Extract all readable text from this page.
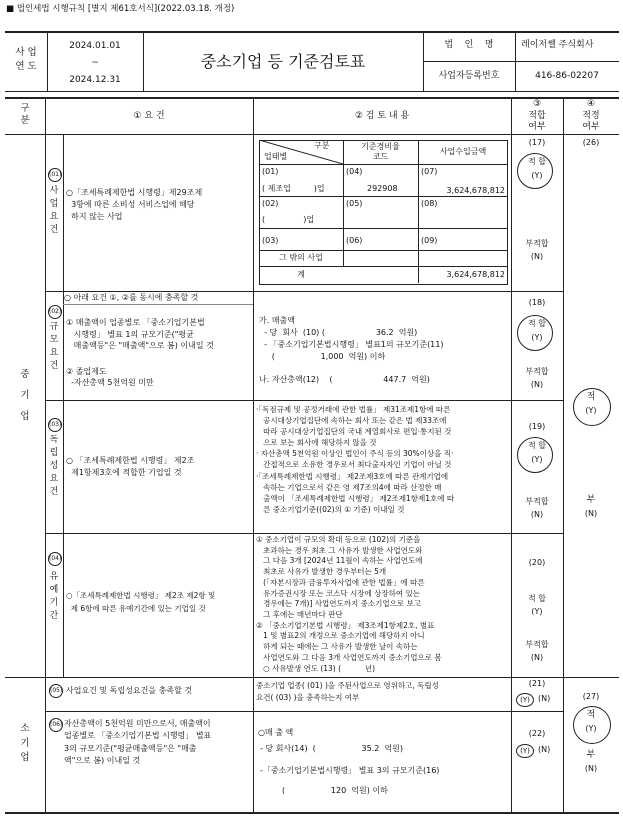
■ 법인세법 시행규칙 [별지 제61호서식](2022.03.18. 개정)
사 업
연 도
2024.01.01
~
2024.12.31
중소기업 등 기준검토표
법    인    명	레이저쎌 주식회사
사업자등록번호	416-86-02207
구
분	① 요 건	② 검 토 내 용
③
적합
여부
④
적정
여부
중

기

업
소
기
업
(01)
사
업
요
건
○「조세특례제한법 시행령」제29조제
3항에 따른 소비성 서비스업에 해당
하지 않는 사업
구분
업태별
기준경비율
코드
사업수입금액
(01)	(04)	(07)
( 제조업         )업	292908	3,624,678,812
(02)	(05)	(08)
(               )업
(03)	(06)	(09)
그 밖의 사업
계	3,624,678,812
(17)
적 합
(Y)
부적합
(N)
(26)
(02)
규
모
요
건
○ 아래 요건 ①, ②를 동시에 충족할 것
① 매출액이 업종별로 「중소기업기본법
시행령」 별표 1의 규모기준("평균
매출액등"은 "매출액"으로 봄) 이내일 것
② 졸업제도
-자산총액 5천억원 미만
가. 매출액
- 당  회사  (10) (                    36.2  억원)
- 「중소기업기본법시행령」 별표1의 규모기준(11)
(                  1,000  억원) 이하
나. 자산총액(12)    (                    447.7  억원)
(18)
적 합
(Y)
부적합
(N)
(03)
독
립
성
요
건
○ 「조세특례제한법 시행령」 제2조
제1항제3호에 적합한 기업일 것
·「독점규제 및 공정거래에 관한 법률」 제31조제1항에 따른
공시대상기업집단에 속하는 회사 또는 같은 법 제33조에
따라 공시대상기업집단의 국내 계열회사로 편입·통지된 것
으로 보는 회사에 해당하지 않을 것
· 자산총액 5천억원 이상인 법인이 주식 등의 30%이상을 직·
간접적으로 소유한 경우로서 최다출자자인 기업이 아닐 것
·「조세특례제한법 시행령」 제2조제3호에 따른 관계기업에
속하는 기업으로서 같은 영 제7조의4에 따라 산정한 매
출액이 「조세특례제한법 시행령」 제2조제1항제1호에 따
른 중소기업기준((02)의 ① 기준) 이내일 것
(19)
적 합
(Y)
부적합
(N)
적
(Y)
부
(N)
(04)
유
예
기
간
○「조세특례제한법 시행령」 제2조 제2항 및
제 6항에 따른 유예기간에 있는 기업일 것
① 중소기업이 규모의 확대 등으로 (102)의 기준을
초과하는 경우 최초 그 사유가 발생한 사업연도와
그 다음 3개 [2024년 11월이 속하는 사업연도에
최초로 사유가 발생한 경우부터는 5개
(「자본시장과 금융투자사업에 관한 법률」에 따른
유가증권시장 또는 코스닥 시장에 상장하여 있는
경우에는 7개)] 사업연도까지 중소기업으로 보고
그 후에는 매년마다 판단
② 「중소기업기본법 시행령」 제3조제1항제2호, 별표
1 및 별표2의 개정으로 중소기업에 해당하지 아니
하게 되는 때에는 그 사유가 발생한 날이 속하는
사업연도와 그 다음 3개 사업연도까지 중소기업으로 봄
○ 사유발생 연도 (13) (          년)
(20)
적 합
(Y)
부적합
(N)
(05) 사업요건 및 독립성요건을 충족할 것
중소기업 업종( (01) )을 주된사업으로 영위하고, 독립성
요건( (03) )을 충족하는지 여부
(21)
(Y)	(N)	(27)
적
(Y)
부
(N)
(06) 자산총액이 5천억원 미만으로서, 매출액이
업종별로 「중소기업기본법 시행령」 별표
3의 규모기준("평균매출액등"은 "매출
액"으로 봄) 이내일 것
○매 출 액
- 당 회사(14)  (                  35.2  억원)
-「중소기업기본법시행령」 별표 3의 규모기준(16)
(                  120  억원) 이하
(22)
(Y)	(N)
